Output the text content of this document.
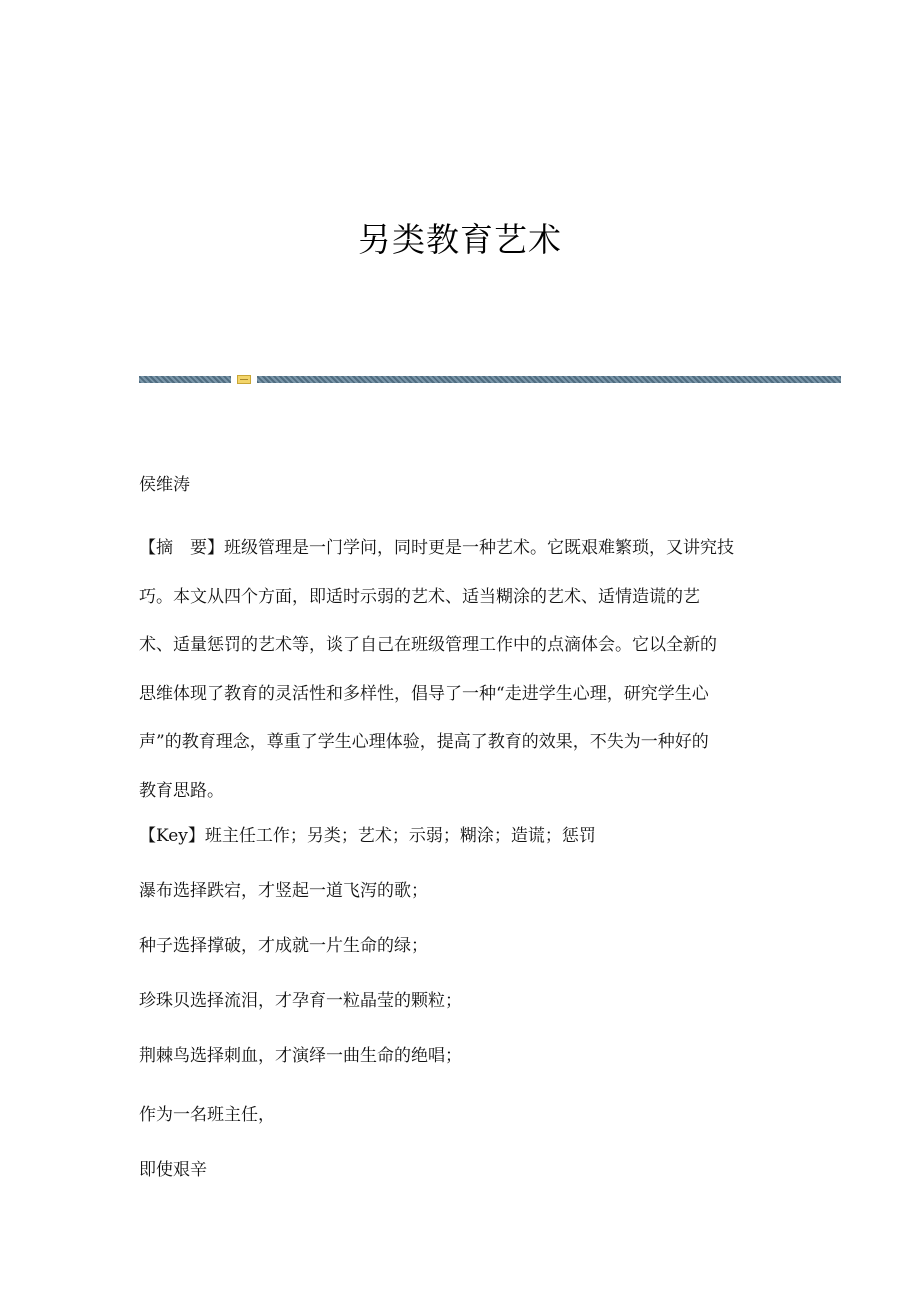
另类教育艺术
侯维涛
【摘　要】班级管理是一门学问，同时更是一种艺术。它既艰难繁琐，又讲究技
巧。本文从四个方面，即适时示弱的艺术、适当糊涂的艺术、适情造谎的艺
术、适量惩罚的艺术等，谈了自己在班级管理工作中的点滴体会。它以全新的
思维体现了教育的灵活性和多样性，倡导了一种“走进学生心理，研究学生心
声”的教育理念，尊重了学生心理体验，提高了教育的效果，不失为一种好的
教育思路。
【Key】班主任工作；另类；艺术；示弱；糊涂；造谎；惩罚
瀑布选择跌宕，才竖起一道飞泻的歌；
种子选择撑破，才成就一片生命的绿；
珍珠贝选择流泪，才孕育一粒晶莹的颗粒；
荆棘鸟选择刺血，才演绎一曲生命的绝唱；
作为一名班主任，
即使艰辛
